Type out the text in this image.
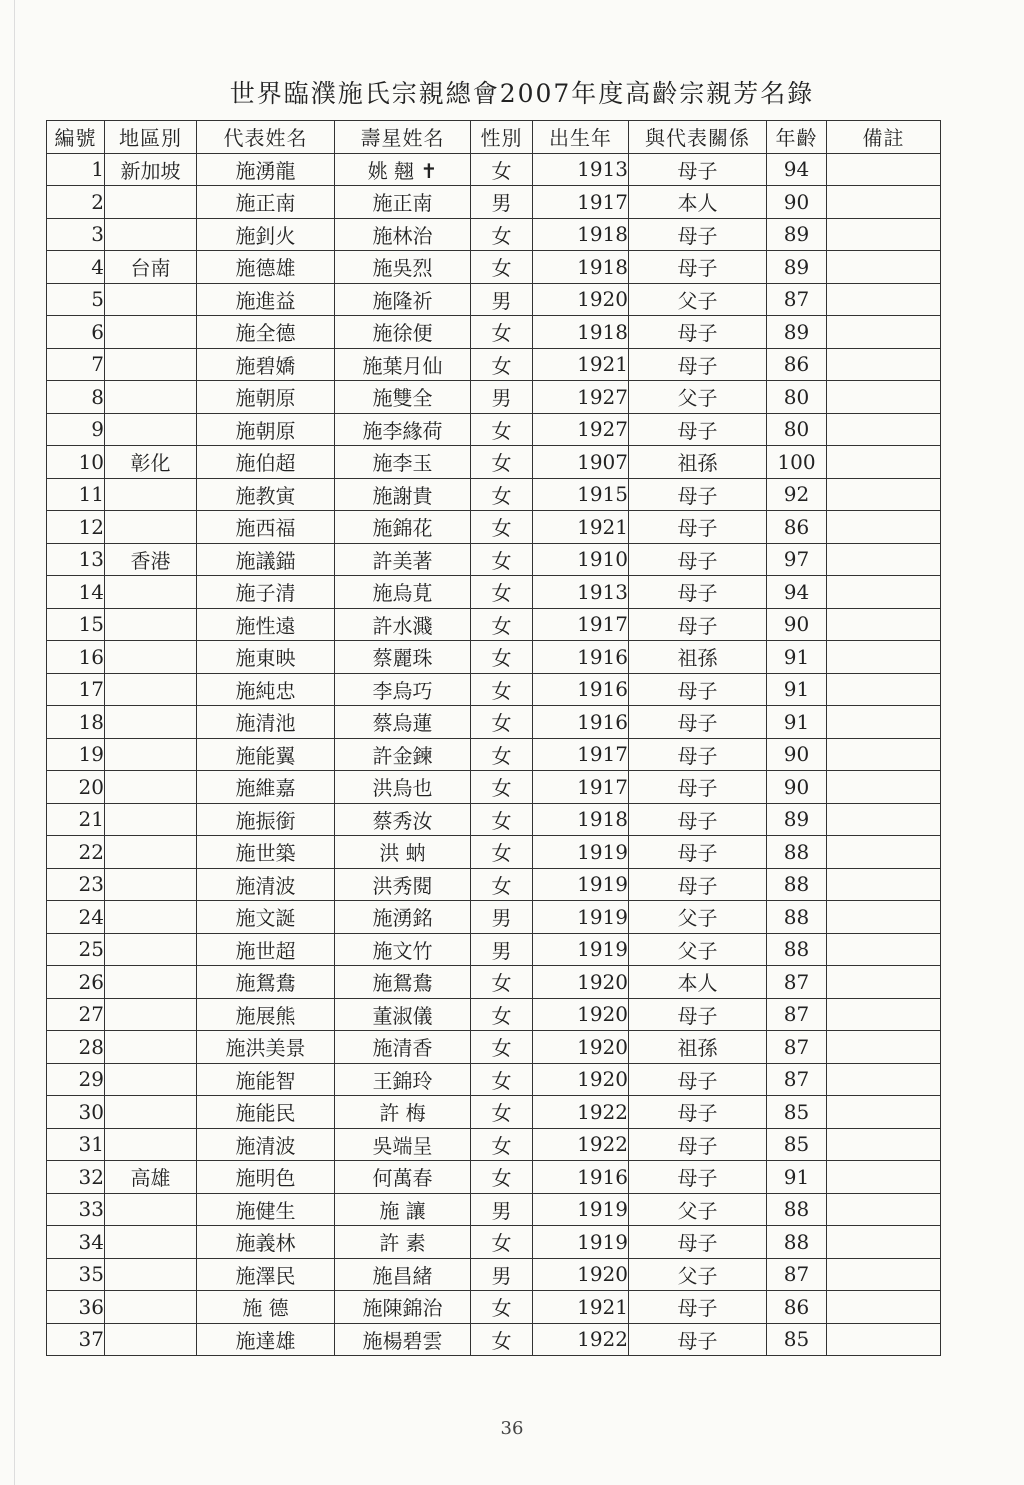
世界臨濮施氏宗親總會2007年度高齡宗親芳名錄
編號	地區別	代表姓名	壽星姓名	性別	出生年	與代表關係	年齡	備註
1	新加坡	施湧龍	姚 翹 ✝	女	1913	母子	94	
2		施正南	施正南	男	1917	本人	90	
3		施釗火	施林治	女	1918	母子	89	
4	台南	施德雄	施吳烈	女	1918	母子	89	
5		施進益	施隆祈	男	1920	父子	87	
6		施全德	施徐便	女	1918	母子	89	
7		施碧嬌	施葉月仙	女	1921	母子	86	
8		施朝原	施雙全	男	1927	父子	80	
9		施朝原	施李緣荷	女	1927	母子	80	
10	彰化	施伯超	施李玉	女	1907	祖孫	100	
11		施教寅	施謝貴	女	1915	母子	92	
12		施西福	施錦花	女	1921	母子	86	
13	香港	施議錨	許美著	女	1910	母子	97	
14		施子清	施烏莧	女	1913	母子	94	
15		施性遠	許水濺	女	1917	母子	90	
16		施東映	蔡麗珠	女	1916	祖孫	91	
17		施純忠	李烏巧	女	1916	母子	91	
18		施清池	蔡烏蓮	女	1916	母子	91	
19		施能翼	許金鍊	女	1917	母子	90	
20		施維嘉	洪烏也	女	1917	母子	90	
21		施振銜	蔡秀汝	女	1918	母子	89	
22		施世築	洪 蚋	女	1919	母子	88	
23		施清波	洪秀閱	女	1919	母子	88	
24		施文誕	施湧銘	男	1919	父子	88	
25		施世超	施文竹	男	1919	父子	88	
26		施鴛鴦	施鴛鴦	女	1920	本人	87	
27		施展熊	董淑儀	女	1920	母子	87	
28		施洪美景	施清香	女	1920	祖孫	87	
29		施能智	王錦玲	女	1920	母子	87	
30		施能民	許 梅	女	1922	母子	85	
31		施清波	吳端呈	女	1922	母子	85	
32	高雄	施明色	何萬春	女	1916	母子	91	
33		施健生	施 讓	男	1919	父子	88	
34		施義林	許 素	女	1919	母子	88	
35		施澤民	施昌緒	男	1920	父子	87	
36		施 德	施陳錦治	女	1921	母子	86	
37		施達雄	施楊碧雲	女	1922	母子	85	
36
